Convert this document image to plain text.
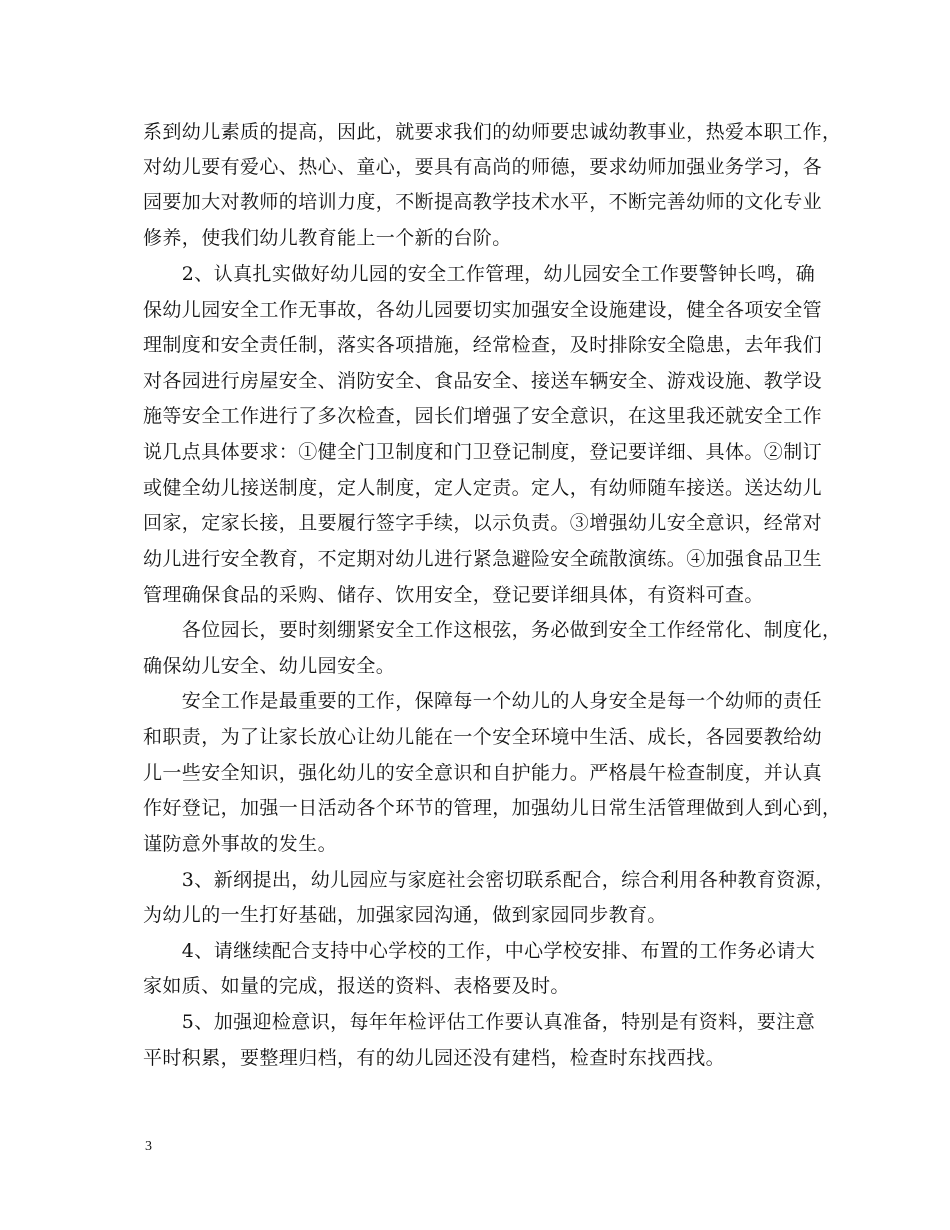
系到幼儿素质的提高，因此，就要求我们的幼师要忠诚幼教事业，热爱本职工作，
对幼儿要有爱心、热心、童心，要具有高尚的师德，要求幼师加强业务学习，各
园要加大对教师的培训力度，不断提高教学技术水平，不断完善幼师的文化专业
修养，使我们幼儿教育能上一个新的台阶。
　　2、认真扎实做好幼儿园的安全工作管理，幼儿园安全工作要警钟长鸣，确
保幼儿园安全工作无事故，各幼儿园要切实加强安全设施建设，健全各项安全管
理制度和安全责任制，落实各项措施，经常检查，及时排除安全隐患，去年我们
对各园进行房屋安全、消防安全、食品安全、接送车辆安全、游戏设施、教学设
施等安全工作进行了多次检查，园长们增强了安全意识，在这里我还就安全工作
说几点具体要求：①健全门卫制度和门卫登记制度，登记要详细、具体。②制订
或健全幼儿接送制度，定人制度，定人定责。定人，有幼师随车接送。送达幼儿
回家，定家长接，且要履行签字手续，以示负责。③增强幼儿安全意识，经常对
幼儿进行安全教育，不定期对幼儿进行紧急避险安全疏散演练。④加强食品卫生
管理确保食品的采购、储存、饮用安全，登记要详细具体，有资料可查。
　　各位园长，要时刻绷紧安全工作这根弦，务必做到安全工作经常化、制度化，
确保幼儿安全、幼儿园安全。
　　安全工作是最重要的工作，保障每一个幼儿的人身安全是每一个幼师的责任
和职责，为了让家长放心让幼儿能在一个安全环境中生活、成长，各园要教给幼
儿一些安全知识，强化幼儿的安全意识和自护能力。严格晨午检查制度，并认真
作好登记，加强一日活动各个环节的管理，加强幼儿日常生活管理做到人到心到，
谨防意外事故的发生。
　　3、新纲提出，幼儿园应与家庭社会密切联系配合，综合利用各种教育资源，
为幼儿的一生打好基础，加强家园沟通，做到家园同步教育。
　　4、请继续配合支持中心学校的工作，中心学校安排、布置的工作务必请大
家如质、如量的完成，报送的资料、表格要及时。
　　5、加强迎检意识，每年年检评估工作要认真准备，特别是有资料，要注意
平时积累，要整理归档，有的幼儿园还没有建档，检查时东找西找。
3
